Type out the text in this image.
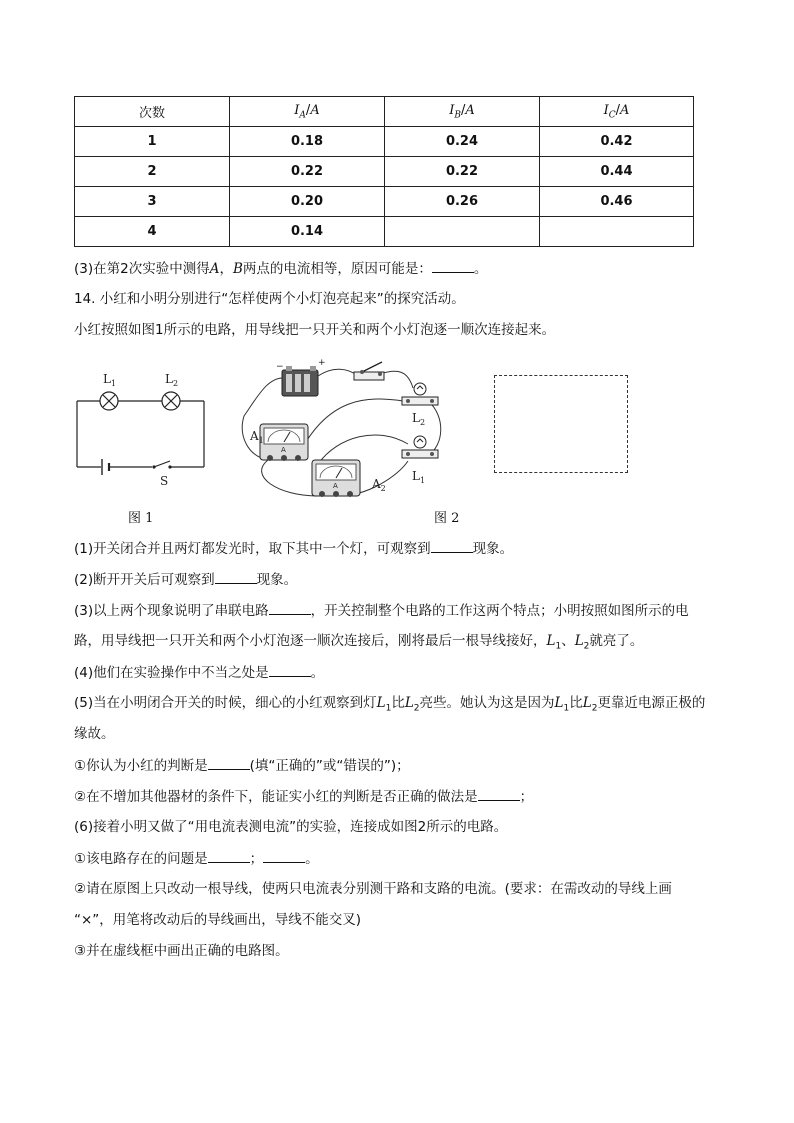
次数	$I_A/A$	$I_B/A$	$I_C/A$
1	0.18	0.24	0.42
2	0.22	0.22	0.44
3	0.20	0.26	0.46
4	0.14		
(3)在第2次实验中测得A，B两点的电流相等，原因可能是：	。
14. 小红和小明分别进行“怎样使两个小灯泡亮起来”的探究活动。
小红按照如图1所示的电路，用导线把一只开关和两个小灯泡逐一顺次连接起来。
$L_1$	$L_2$
S
图 1
−	+
A
A
$A_1$
$A_2$
$L_2$
$L_1$
图 2
(1)开关闭合并且两灯都发光时，取下其中一个灯，可观察到	现象。
(2)断开开关后可观察到	现象。
(3)以上两个现象说明了串联电路	，开关控制整个电路的工作这两个特点；小明按照如图所示的电
路，用导线把一只开关和两个小灯泡逐一顺次连接后，刚将最后一根导线接好，$L_1$、$L_2$就亮了。
(4)他们在实验操作中不当之处是	。
(5)当在小明闭合开关的时候，细心的小红观察到灯$L_1$比$L_2$亮些。她认为这是因为$L_1$比$L_2$更靠近电源正极的
缘故。
①你认为小红的判断是	(填“正确的”或“错误的”)；
②在不增加其他器材的条件下，能证实小红的判断是否正确的做法是	；
(6)接着小明又做了“用电流表测电流”的实验，连接成如图2所示的电路。
①该电路存在的问题是	；	。
②请在原图上只改动一根导线，使两只电流表分别测干路和支路的电流。(要求：在需改动的导线上画
“×”，用笔将改动后的导线画出，导线不能交叉)
③并在虚线框中画出正确的电路图。
